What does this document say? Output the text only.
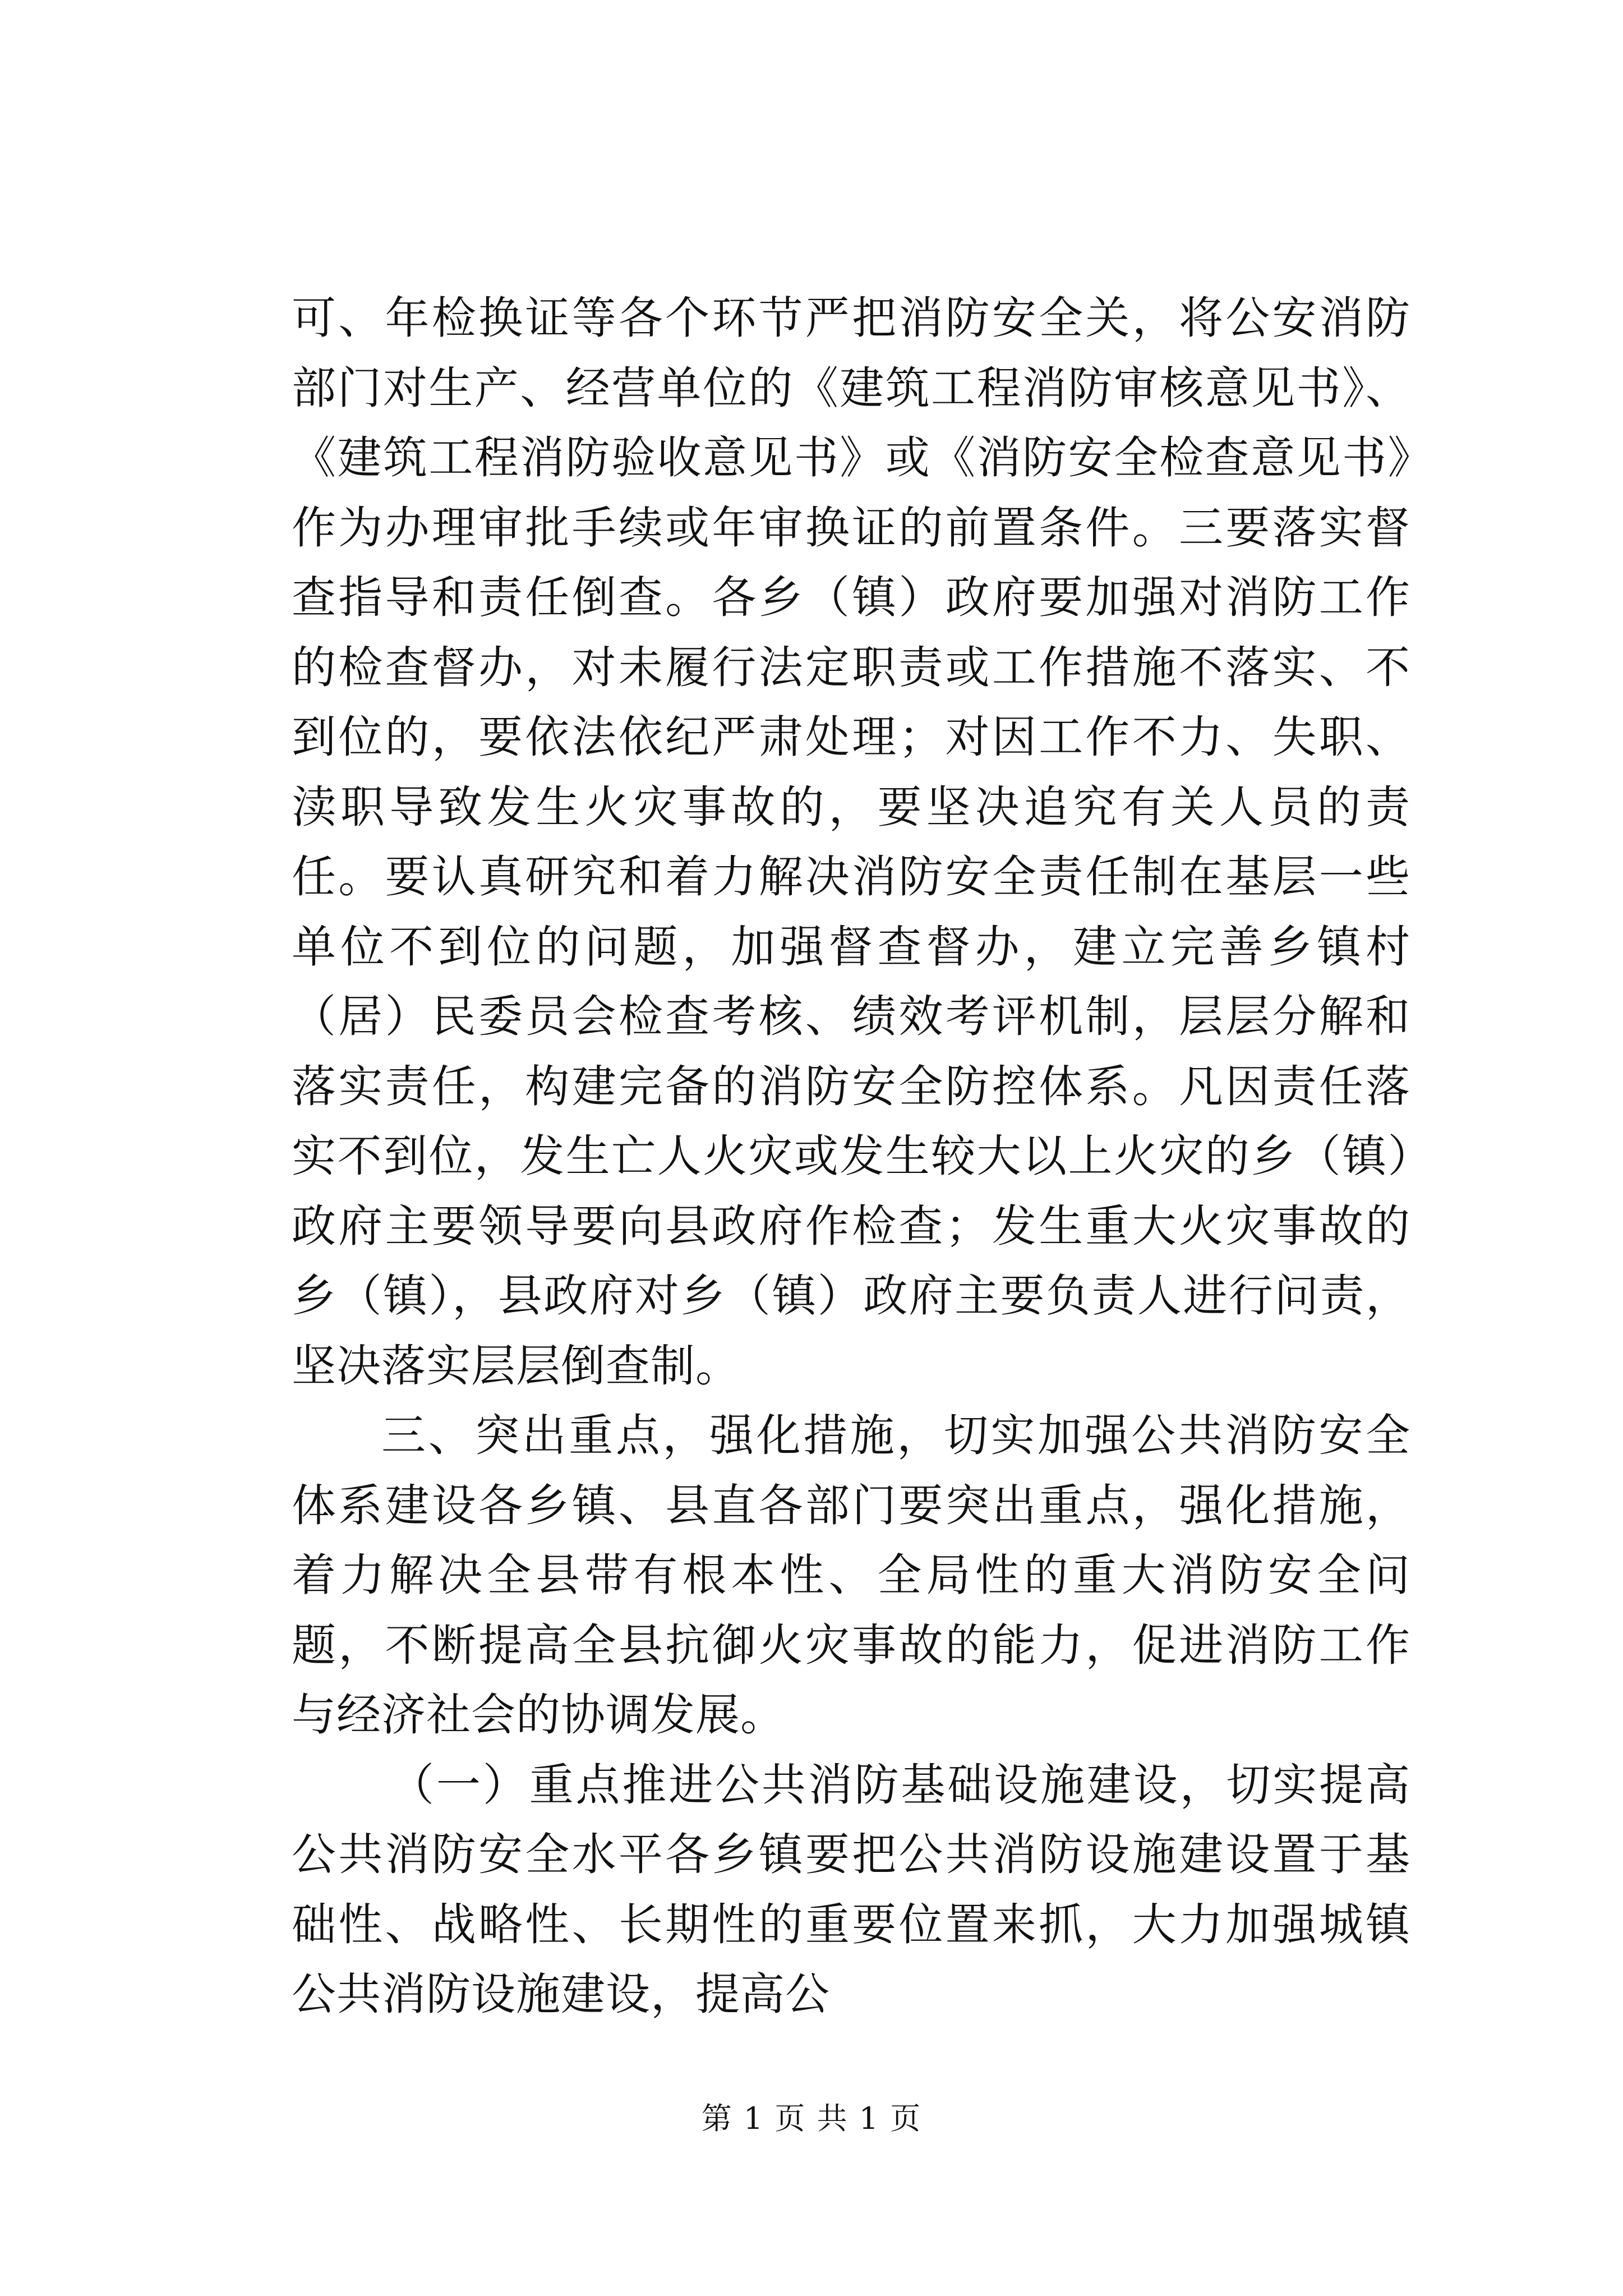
可、年检换证等各个环节严把消防安全关，将公安消防部门对生产、经营单位的《建筑工程消防审核意见书》、《建筑工程消防验收意见书》或《消防安全检查意见书》作为办理审批手续或年审换证的前置条件。三要落实督查指导和责任倒查。各乡（镇）政府要加强对消防工作的检查督办，对未履行法定职责或工作措施不落实、不到位的，要依法依纪严肃处理；对因工作不力、失职、渎职导致发生火灾事故的，要坚决追究有关人员的责任。要认真研究和着力解决消防安全责任制在基层一些单位不到位的问题，加强督查督办，建立完善乡镇村（居）民委员会检查考核、绩效考评机制，层层分解和落实责任，构建完备的消防安全防控体系。凡因责任落实不到位，发生亡人火灾或发生较大以上火灾的乡（镇）政府主要领导要向县政府作检查；发生重大火灾事故的乡（镇），县政府对乡（镇）政府主要负责人进行问责，坚决落实层层倒查制。

三、突出重点，强化措施，切实加强公共消防安全体系建设各乡镇、县直各部门要突出重点，强化措施，着力解决全县带有根本性、全局性的重大消防安全问题，不断提高全县抗御火灾事故的能力，促进消防工作与经济社会的协调发展。

（一）重点推进公共消防基础设施建设，切实提高公共消防安全水平各乡镇要把公共消防设施建设置于基础性、战略性、长期性的重要位置来抓，大力加强城镇公共消防设施建设，提高公

第 1 页 共 1 页
